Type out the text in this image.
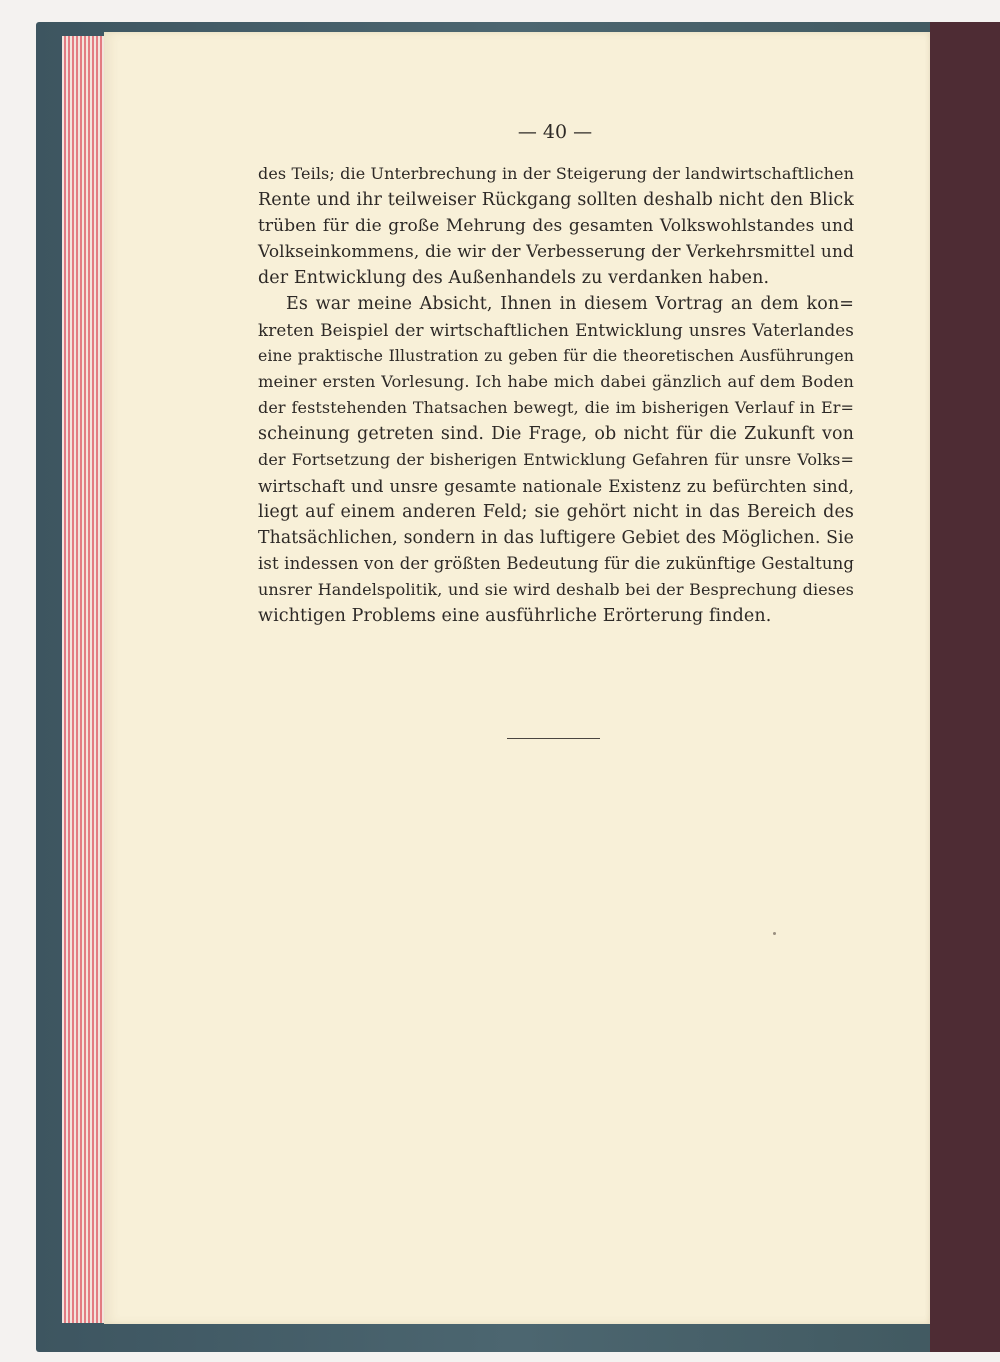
— 40 —
des Teils; die Unterbrechung in der Steigerung der landwirtschaftlichen
Rente und ihr teilweiser Rückgang sollten deshalb nicht den Blick
trüben für die große Mehrung des gesamten Volkswohlstandes und
Volkseinkommens, die wir der Verbesserung der Verkehrsmittel und
der Entwicklung des Außenhandels zu verdanken haben.
Es war meine Absicht, Ihnen in diesem Vortrag an dem kon=
kreten Beispiel der wirtschaftlichen Entwicklung unsres Vaterlandes
eine praktische Illustration zu geben für die theoretischen Ausführungen
meiner ersten Vorlesung. Ich habe mich dabei gänzlich auf dem Boden
der feststehenden Thatsachen bewegt, die im bisherigen Verlauf in Er=
scheinung getreten sind. Die Frage, ob nicht für die Zukunft von
der Fortsetzung der bisherigen Entwicklung Gefahren für unsre Volks=
wirtschaft und unsre gesamte nationale Existenz zu befürchten sind,
liegt auf einem anderen Feld; sie gehört nicht in das Bereich des
Thatsächlichen, sondern in das luftigere Gebiet des Möglichen. Sie
ist indessen von der größten Bedeutung für die zukünftige Gestaltung
unsrer Handelspolitik, und sie wird deshalb bei der Besprechung dieses
wichtigen Problems eine ausführliche Erörterung finden.
